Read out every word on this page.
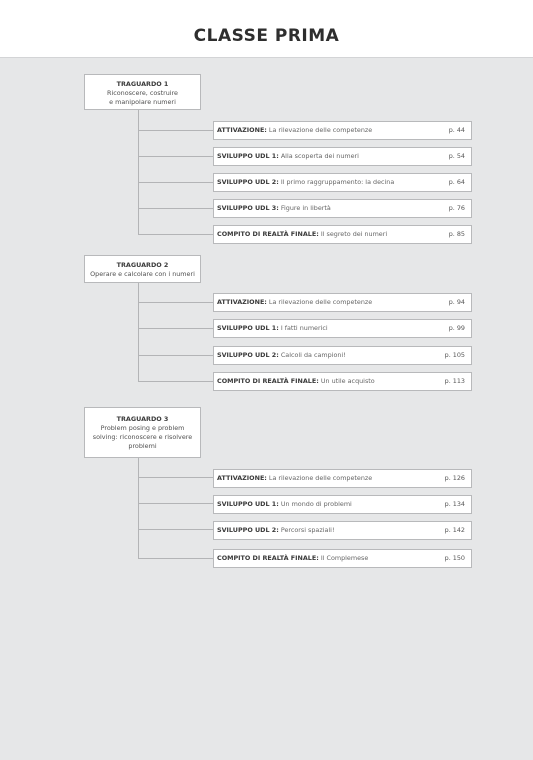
CLASSE PRIMA
TRAGUARDO 1
Riconoscere, costruire
e manipolare numeri
ATTIVAZIONE: La rilevazione delle competenze	p. 44
SVILUPPO UDL 1: Alla scoperta dei numeri	p. 54
SVILUPPO UDL 2: Il primo raggruppamento: la decina	p. 64
SVILUPPO UDL 3: Figure in libertà	p. 76
COMPITO DI REALTÀ FINALE: Il segreto dei numeri	p. 85
TRAGUARDO 2
Operare e calcolare con i numeri
ATTIVAZIONE: La rilevazione delle competenze	p. 94
SVILUPPO UDL 1: I fatti numerici	p. 99
SVILUPPO UDL 2: Calcoli da campioni!	p. 105
COMPITO DI REALTÀ FINALE: Un utile acquisto	p. 113
TRAGUARDO 3
Problem posing e problem
solving: riconoscere e risolvere
problemi
ATTIVAZIONE: La rilevazione delle competenze	p. 126
SVILUPPO UDL 1: Un mondo di problemi	p. 134
SVILUPPO UDL 2: Percorsi spaziali!	p. 142
COMPITO DI REALTÀ FINALE: Il Complemese	p. 150
